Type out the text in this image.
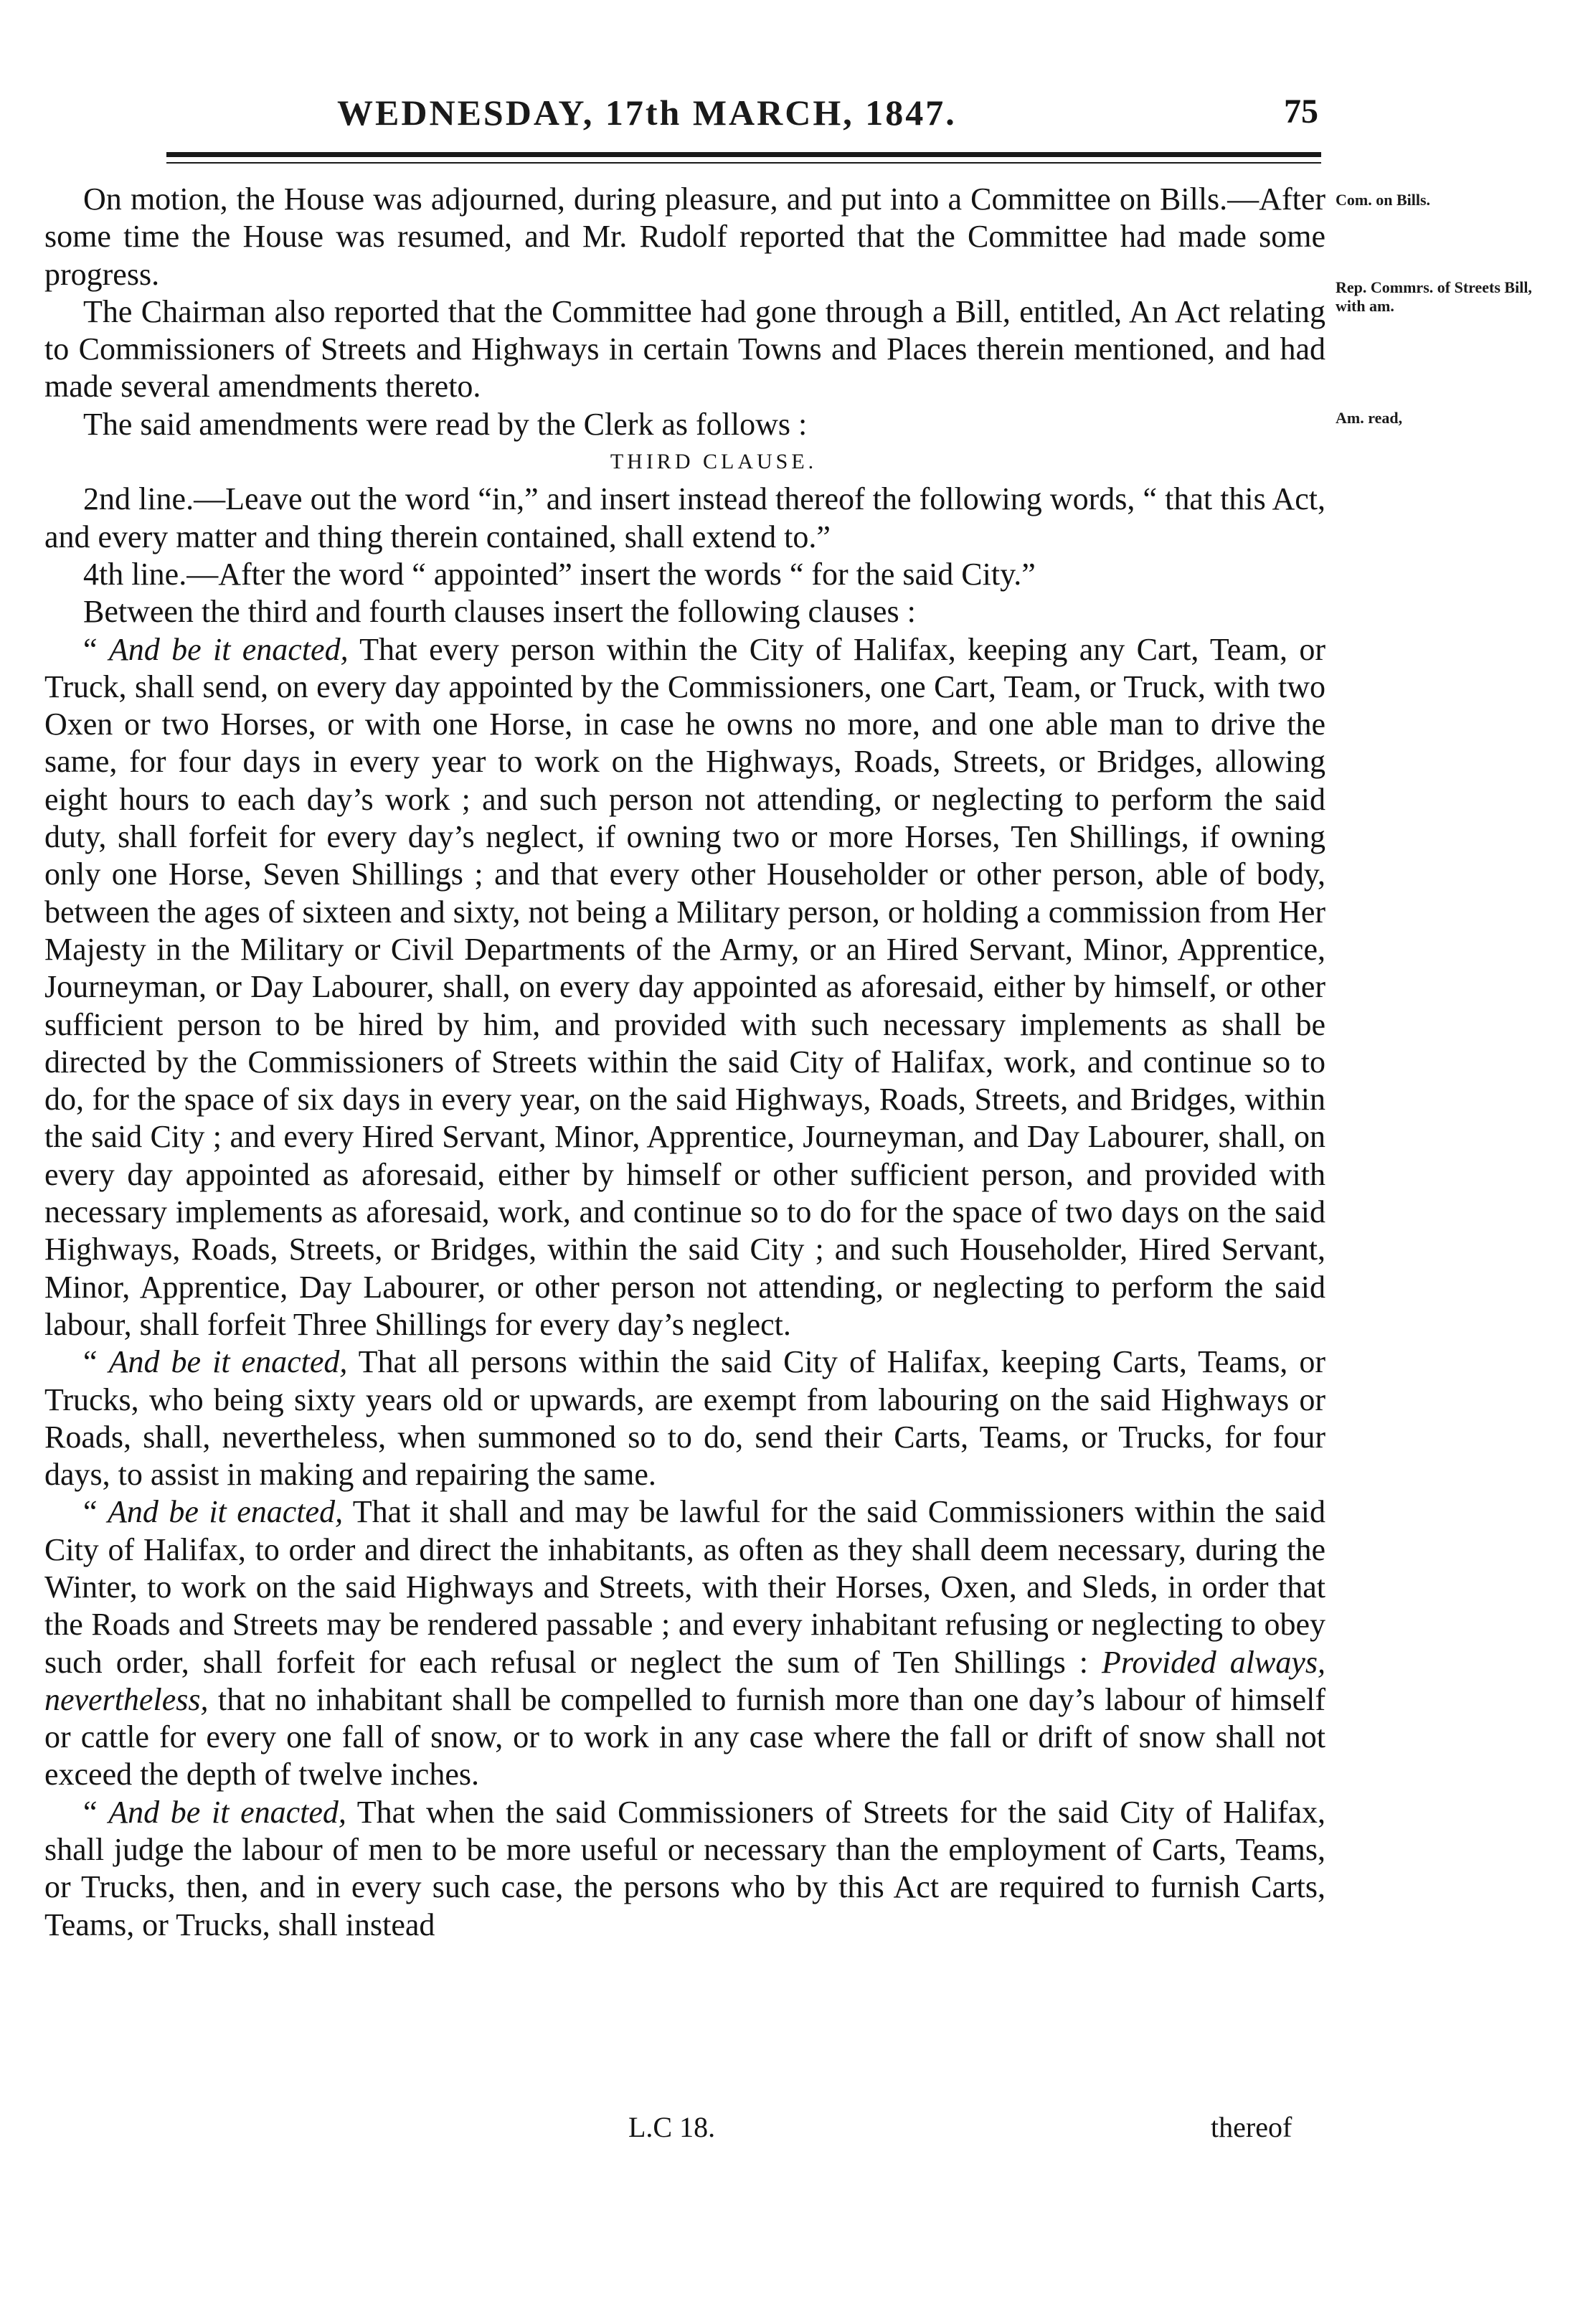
WEDNESDAY, 17th MARCH, 1847.	75
Com. on Bills.
Rep. Commrs. of Streets Bill, with am.
Am. read,

On motion, the House was adjourned, during pleasure, and put into a Committee on Bills.—After some time the House was resumed, and Mr. Rudolf reported that the Committee had made some progress.

The Chairman also reported that the Committee had gone through a Bill, entitled, An Act relating to Commissioners of Streets and Highways in certain Towns and Places therein mentioned, and had made several amendments thereto.

The said amendments were read by the Clerk as follows :

THIRD CLAUSE.

2nd line.—Leave out the word “in,” and insert instead thereof the following words, “ that this Act, and every matter and thing therein contained, shall extend to.”

4th line.—After the word “ appointed” insert the words “ for the said City.”

Between the third and fourth clauses insert the following clauses :

“ And be it enacted, That every person within the City of Halifax, keeping any Cart, Team, or Truck, shall send, on every day appointed by the Commissioners, one Cart, Team, or Truck, with two Oxen or two Horses, or with one Horse, in case he owns no more, and one able man to drive the same, for four days in every year to work on the Highways, Roads, Streets, or Bridges, allowing eight hours to each day’s work ; and such person not attending, or neglecting to perform the said duty, shall forfeit for every day’s neglect, if owning two or more Horses, Ten Shillings, if owning only one Horse, Seven Shillings ; and that every other Householder or other person, able of body, between the ages of sixteen and sixty, not being a Military person, or holding a commission from Her Majesty in the Military or Civil Departments of the Army, or an Hired Servant, Minor, Apprentice, Journeyman, or Day Labourer, shall, on every day appointed as aforesaid, either by himself, or other sufficient person to be hired by him, and provided with such necessary implements as shall be directed by the Commissioners of Streets within the said City of Halifax, work, and continue so to do, for the space of six days in every year, on the said Highways, Roads, Streets, and Bridges, within the said City ; and every Hired Servant, Minor, Apprentice, Journeyman, and Day Labourer, shall, on every day appointed as aforesaid, either by himself or other sufficient person, and provided with necessary implements as aforesaid, work, and continue so to do for the space of two days on the said Highways, Roads, Streets, or Bridges, within the said City ; and such Householder, Hired Servant, Minor, Apprentice, Day Labourer, or other person not attending, or neglecting to perform the said labour, shall forfeit Three Shillings for every day’s neglect.

“ And be it enacted, That all persons within the said City of Halifax, keeping Carts, Teams, or Trucks, who being sixty years old or upwards, are exempt from labouring on the said Highways or Roads, shall, nevertheless, when summoned so to do, send their Carts, Teams, or Trucks, for four days, to assist in making and repairing the same.

“ And be it enacted, That it shall and may be lawful for the said Commissioners within the said City of Halifax, to order and direct the inhabitants, as often as they shall deem necessary, during the Winter, to work on the said Highways and Streets, with their Horses, Oxen, and Sleds, in order that the Roads and Streets may be rendered passable ; and every inhabitant refusing or neglecting to obey such order, shall forfeit for each refusal or neglect the sum of Ten Shillings : Provided always, nevertheless, that no inhabitant shall be compelled to furnish more than one day’s labour of himself or cattle for every one fall of snow, or to work in any case where the fall or drift of snow shall not exceed the depth of twelve inches.

“ And be it enacted, That when the said Commissioners of Streets for the said City of Halifax, shall judge the labour of men to be more useful or necessary than the employment of Carts, Teams, or Trucks, then, and in every such case, the persons who by this Act are required to furnish Carts, Teams, or Trucks, shall instead

L.C 18.	thereof
